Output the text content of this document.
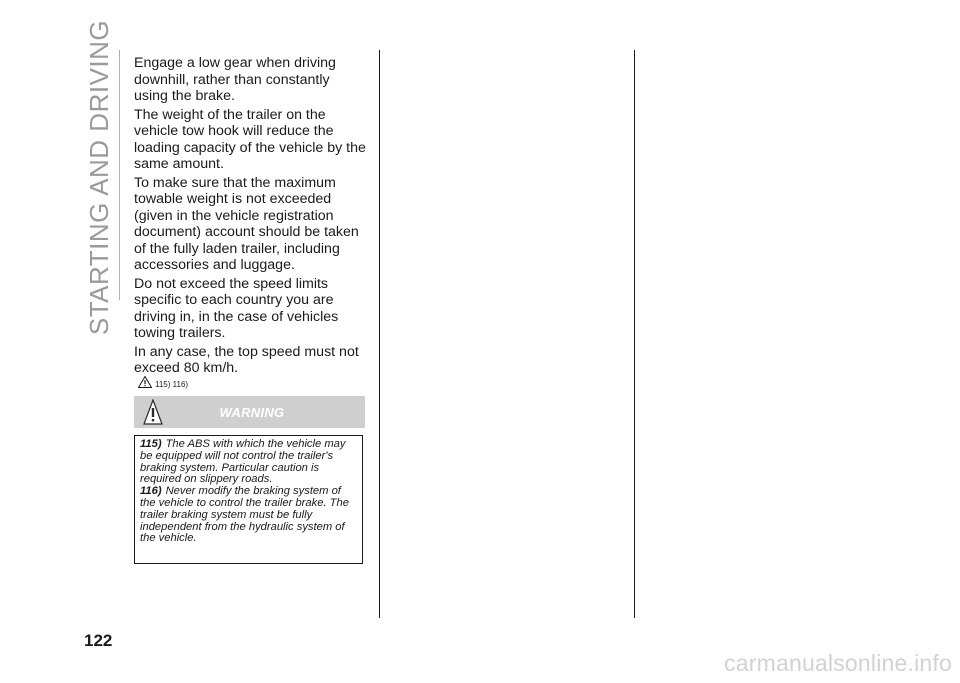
STARTING AND DRIVING Engage a low gear when driving downhill, rather than constantly using the brake.

The weight of the trailer on the vehicle tow hook will reduce the loading capacity of the vehicle by the same amount.

To make sure that the maximum towable weight is not exceeded (given in the vehicle registration document) account should be taken of the fully laden trailer, including accessories and luggage.

Do not exceed the speed limits specific to each country you are driving in, in the case of vehicles towing trailers.

In any case, the top speed must not exceed 80 km/h.

115) 116)
WARNING

115) The ABS with which the vehicle may be equipped will not control the trailer's braking system. Particular caution is required on slippery roads.

116) Never modify the braking system of the vehicle to control the trailer brake. The trailer braking system must be fully independent from the hydraulic system of the vehicle.

122
carmanualsonline.info
